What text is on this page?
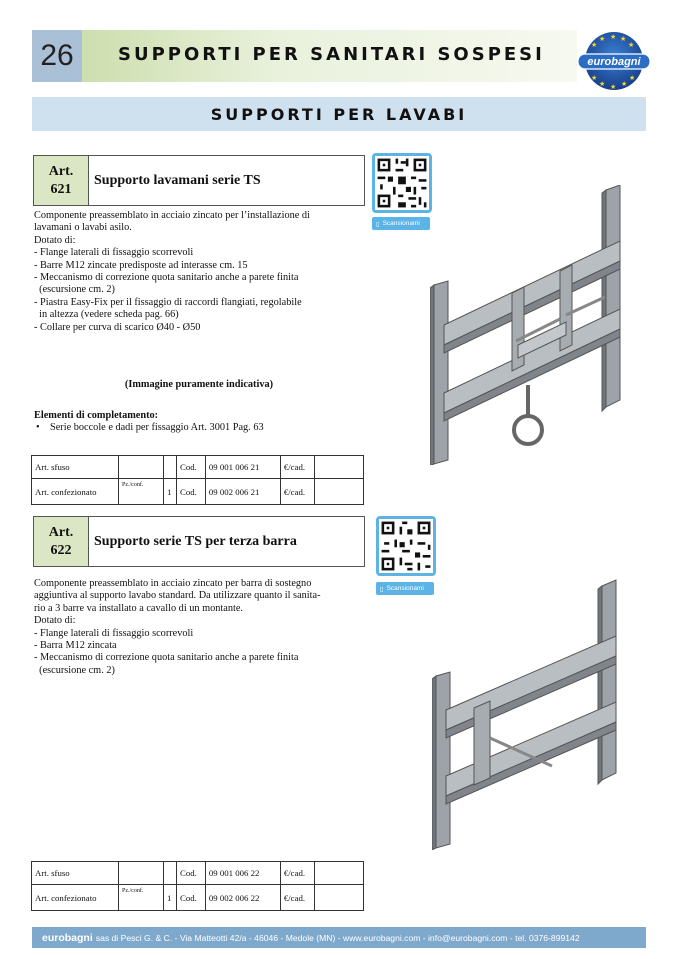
26	SUPPORTI PER SANITARI SOSPESI
★ ★
★
★
★
★
★ ★ ★
★
eurobagni
SUPPORTI PER LAVABI
Art.
621
Supporto lavamani serie TS
▯ Scansionami
Componente preassemblato in acciaio zincato per l’installazione di
lavamani o lavabi asilo.
Dotato di:
- Flange laterali di fissaggio scorrevoli
- Barre M12 zincate predisposte ad interasse cm. 15
- Meccanismo di correzione quota sanitario anche a parete finita
(escursione cm. 2)
- Piastra Easy-Fix per il fissaggio di raccordi flangiati, regolabile
in altezza (vedere scheda pag. 66)
- Collare per curva di scarico Ø40 - Ø50
(Immagine puramente indicativa)
Elementi di completamento:
•	Serie boccole e dadi per fissaggio Art. 3001 Pag. 63
Art. sfuso			Cod.	09 001 006 21	€/cad.	
Art. confezionato	Pz./conf.	1	Cod.	09 002 006 21	€/cad.	
Art.
622
Supporto serie TS per terza barra
▯ Scansionami
Componente preassemblato in acciaio zincato per barra di sostegno
aggiuntiva al supporto lavabo standard. Da utilizzare quanto il sanita-
rio a 3 barre va installato a cavallo di un montante.
Dotato di:
- Flange laterali di fissaggio scorrevoli
- Barra M12 zincata
- Meccanismo di correzione quota sanitario anche a parete finita
(escursione cm. 2)
Art. sfuso			Cod.	09 001 006 22	€/cad.	
Art. confezionato	Pz./conf.	1	Cod.	09 002 006 22	€/cad.	
eurobagni sas di Pesci G. & C. - Via Matteotti 42/a - 46046 - Medole (MN) - www.eurobagni.com - info@eurobagni.com - tel. 0376-899142
